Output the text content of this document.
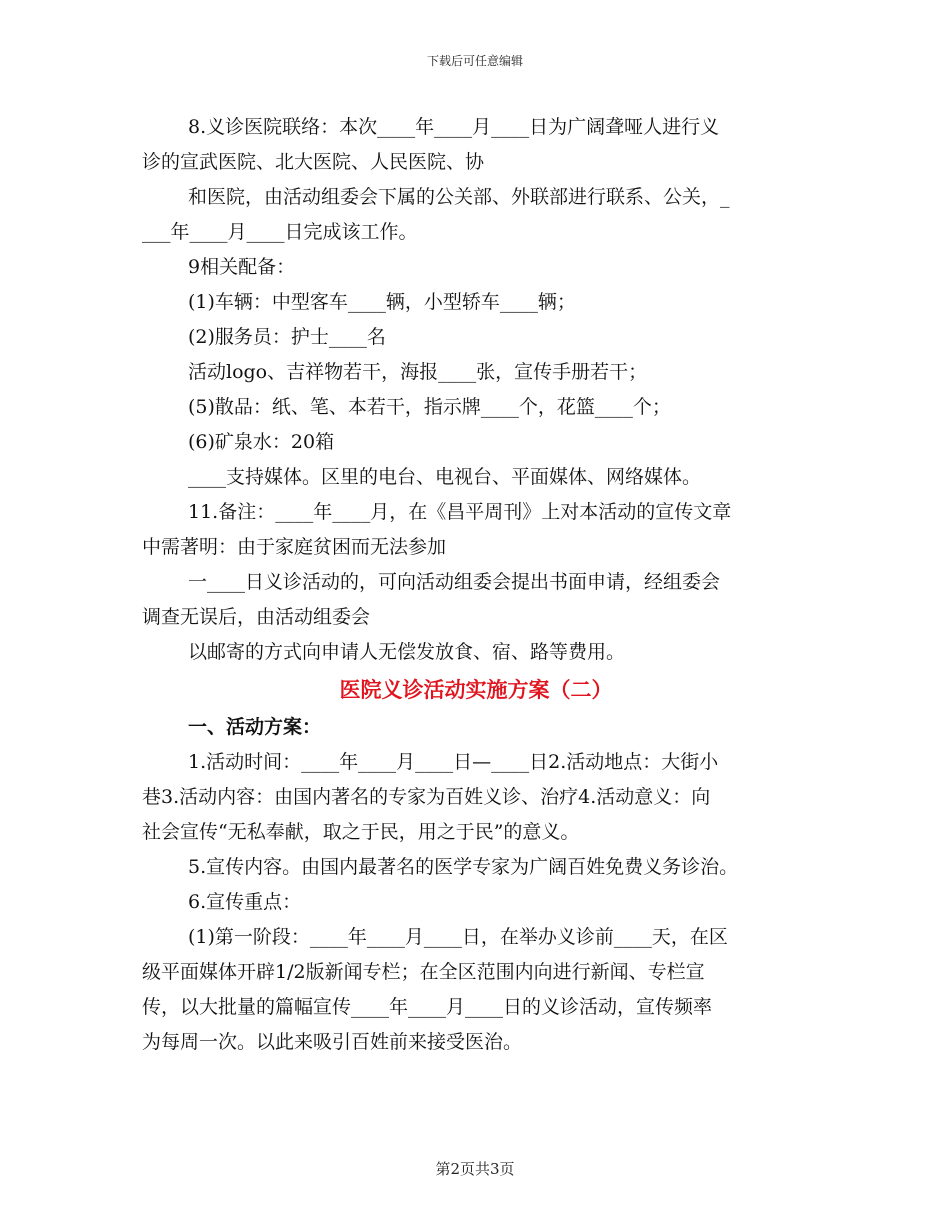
下载后可任意编辑

8.义诊医院联络：本次____年____月____日为广阔聋哑人进行义

诊的宣武医院、北大医院、人民医院、协

和医院，由活动组委会下属的公关部、外联部进行联系、公关，_

___年____月____日完成该工作。

9相关配备：

(1)车辆：中型客车____辆，小型轿车____辆；

(2)服务员：护士____名

活动logo、吉祥物若干，海报____张，宣传手册若干；

(5)散品：纸、笔、本若干，指示牌____个，花篮____个；

(6)矿泉水：20箱

____支持媒体。区里的电台、电视台、平面媒体、网络媒体。

11.备注：____年____月，在《昌平周刊》上对本活动的宣传文章

中需著明：由于家庭贫困而无法参加

一____日义诊活动的，可向活动组委会提出书面申请，经组委会

调查无误后，由活动组委会

以邮寄的方式向申请人无偿发放食、宿、路等费用。

医院义诊活动实施方案（二）

一、活动方案：

1.活动时间：____年____月____日—____日2.活动地点：大街小

巷3.活动内容：由国内著名的专家为百姓义诊、治疗4.活动意义：向

社会宣传“无私奉献，取之于民，用之于民”的意义。

5.宣传内容。由国内最著名的医学专家为广阔百姓免费义务诊治。

6.宣传重点：

(1)第一阶段：____年____月____日，在举办义诊前____天，在区

级平面媒体开辟1/2版新闻专栏；在全区范围内向进行新闻、专栏宣

传，以大批量的篇幅宣传____年____月____日的义诊活动，宣传频率

为每周一次。以此来吸引百姓前来接受医治。

第2页共3页
